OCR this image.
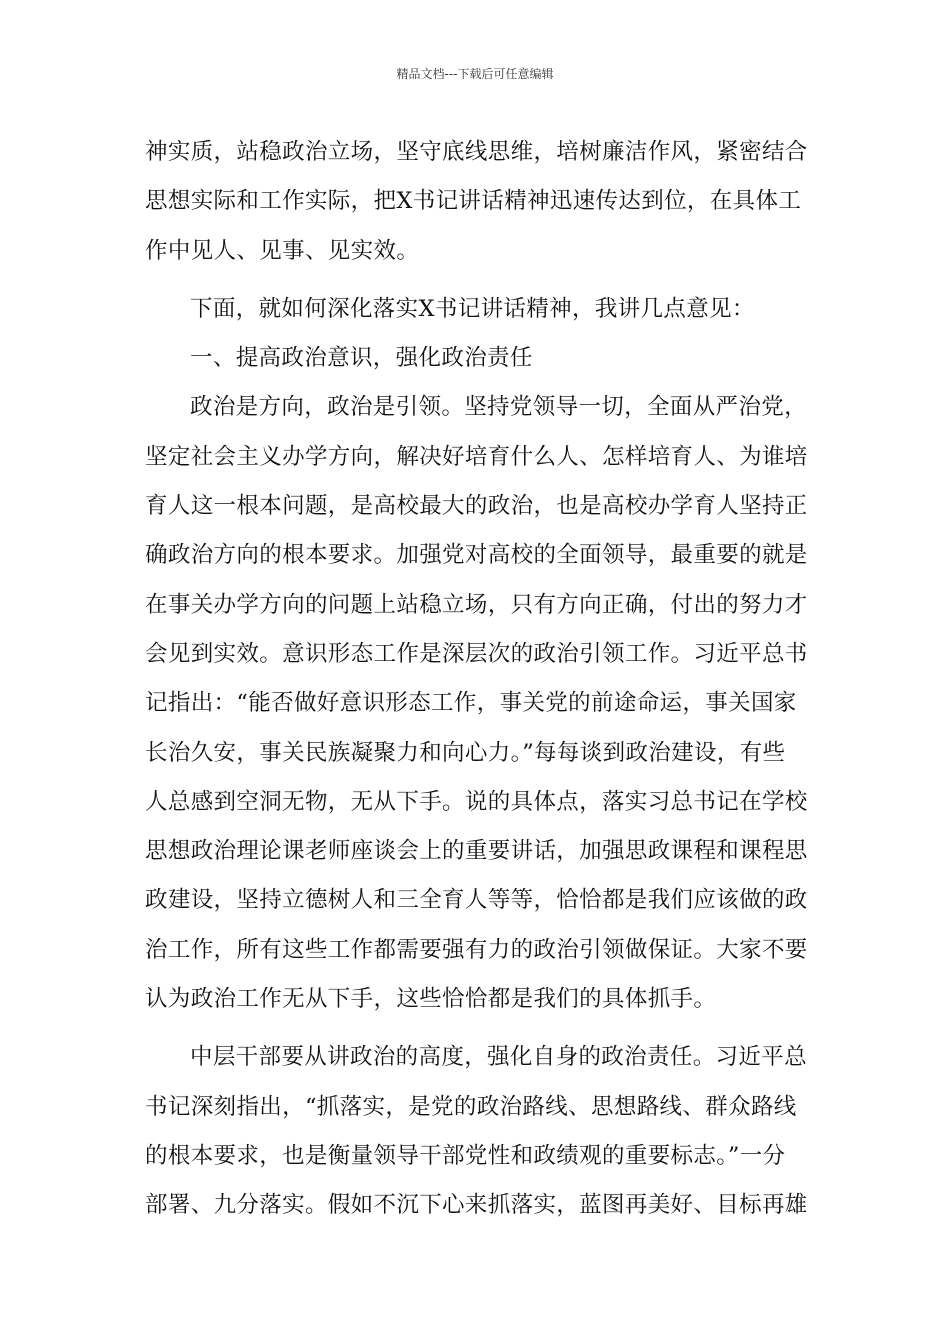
精品文档---下载后可任意编辑
神实质，站稳政治立场，坚守底线思维，培树廉洁作风，紧密结合
思想实际和工作实际，把X书记讲话精神迅速传达到位，在具体工
作中见人、见事、见实效。
下面，就如何深化落实X书记讲话精神，我讲几点意见：
一、提高政治意识，强化政治责任
政治是方向，政治是引领。坚持党领导一切，全面从严治党，
坚定社会主义办学方向，解决好培育什么人、怎样培育人、为谁培
育人这一根本问题，是高校最大的政治，也是高校办学育人坚持正
确政治方向的根本要求。加强党对高校的全面领导，最重要的就是
在事关办学方向的问题上站稳立场，只有方向正确，付出的努力才
会见到实效。意识形态工作是深层次的政治引领工作。习近平总书
记指出：“能否做好意识形态工作，事关党的前途命运，事关国家
长治久安，事关民族凝聚力和向心力。”每每谈到政治建设，有些
人总感到空洞无物，无从下手。说的具体点，落实习总书记在学校
思想政治理论课老师座谈会上的重要讲话，加强思政课程和课程思
政建设，坚持立德树人和三全育人等等，恰恰都是我们应该做的政
治工作，所有这些工作都需要强有力的政治引领做保证。大家不要
认为政治工作无从下手，这些恰恰都是我们的具体抓手。
中层干部要从讲政治的高度，强化自身的政治责任。习近平总
书记深刻指出，“抓落实，是党的政治路线、思想路线、群众路线
的根本要求，也是衡量领导干部党性和政绩观的重要标志。”一分
部署、九分落实。假如不沉下心来抓落实，蓝图再美好、目标再雄
